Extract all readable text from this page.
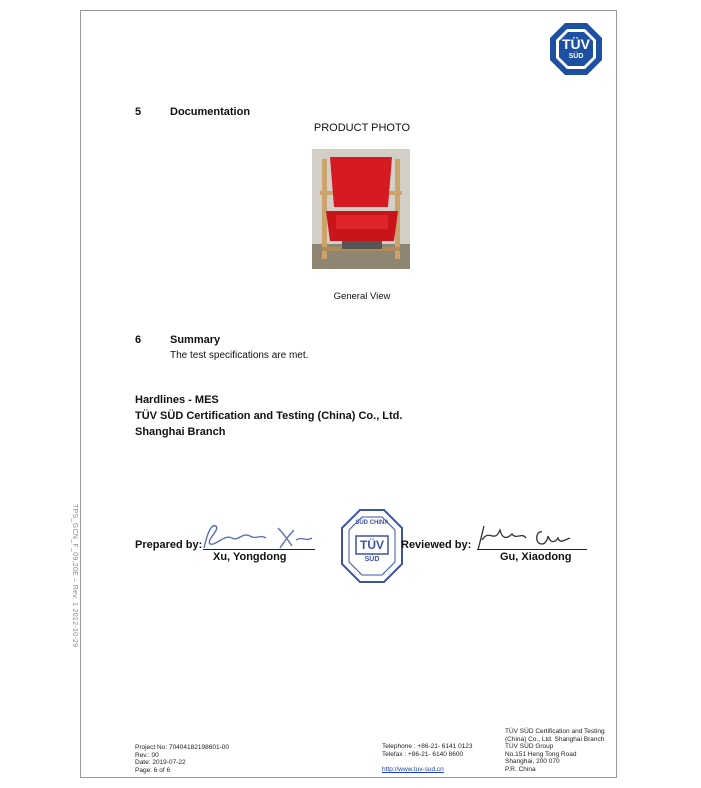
TÜV
SÜD
5	Documentation
PRODUCT PHOTO
General View
6	Summary
The test specifications are met.
Hardlines - MES
TÜV SÜD Certification and Testing (China) Co., Ltd.
Shanghai Branch
TPS_GCN_F_09.20E – Rev. 1 2012-10-29	Prepared by:
Xu, Yongdong
SÜD CHINA
TÜV
SÜD
Reviewed by:
Gu, Xiaodong
Project No: 70404182198601-00
Rev.: 00
Date: 2019-07-22
Page: 6 of 6
Telephone : +86-21- 6141 0123
Telefax : +86-21- 6140 8600
http://www.tuv-sud.cn
TÜV SÜD Certification and Testing
(China) Co., Ltd. Shanghai Branch
TÜV SÜD Group
No.151 Heng Tong Road
Shanghai, 200 070
P.R. China
